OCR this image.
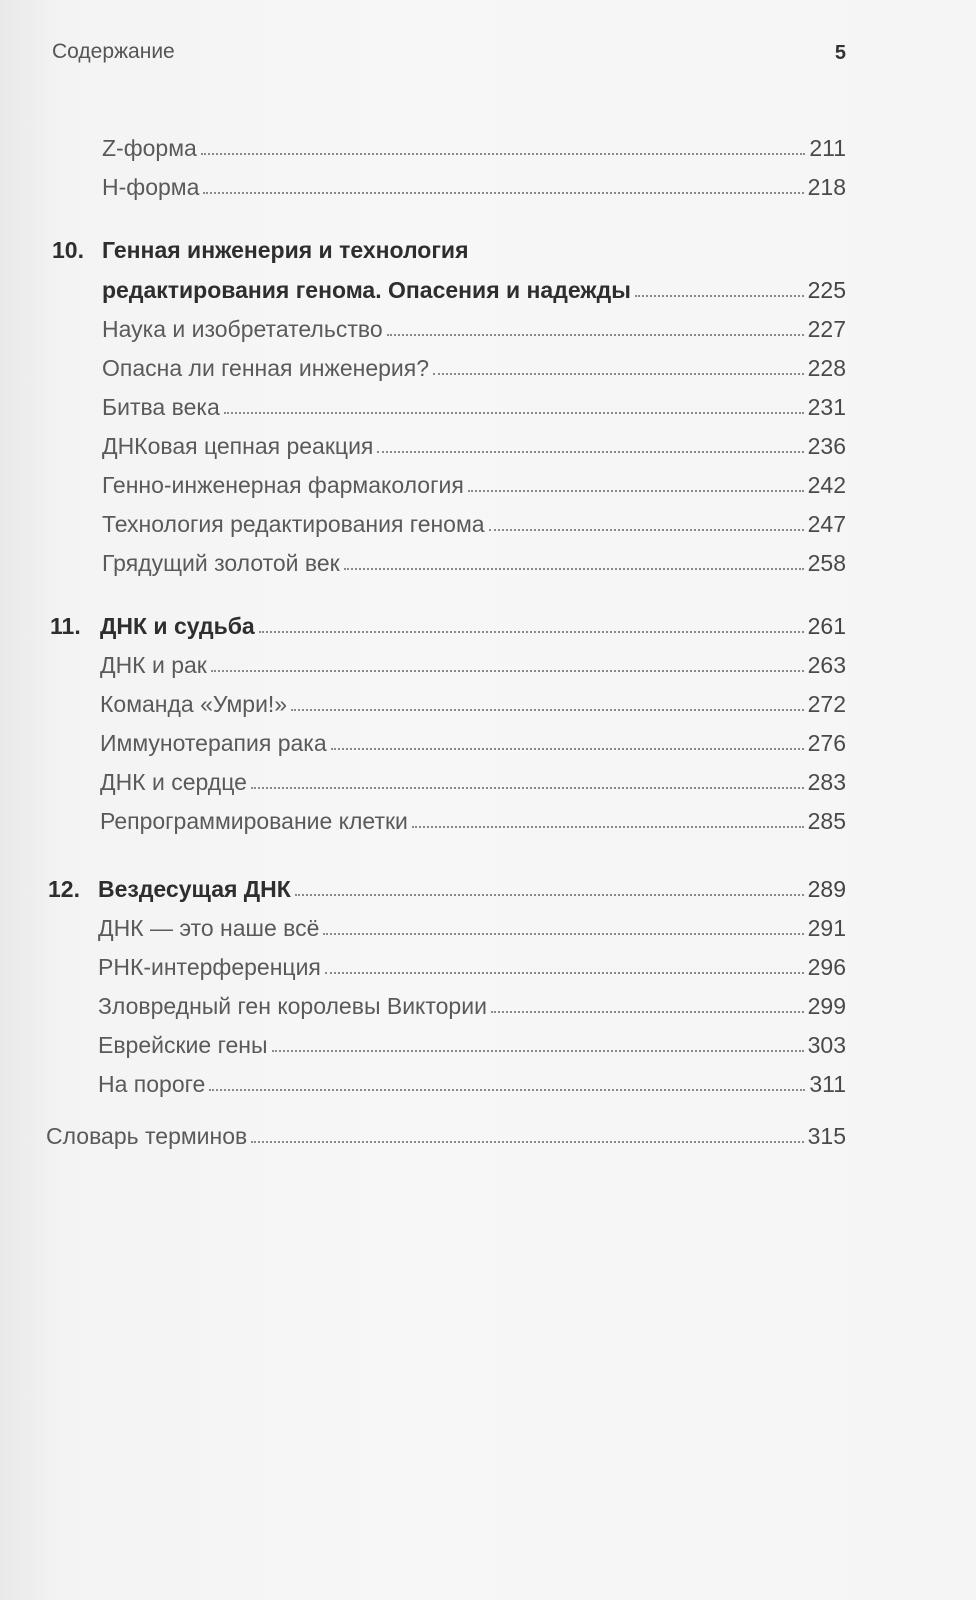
Содержание	5
Z-форма	211
Н-форма	218
10. Генная инженерия и технология
редактирования генома. Опасения и надежды	225
Наука и изобретательство	227
Опасна ли генная инженерия?	228
Битва века	231
ДНКовая цепная реакция	236
Генно-инженерная фармакология	242
Технология редактирования генома	247
Грядущий золотой век	258
11. ДНК и судьба	261
ДНК и рак	263
Команда «Умри!»	272
Иммунотерапия рака	276
ДНК и сердце	283
Репрограммирование клетки	285
12. Вездесущая ДНК	289
ДНК — это наше всё	291
РНК-интерференция	296
Зловредный ген королевы Виктории	299
Еврейские гены	303
На пороге	311
Словарь терминов	315
